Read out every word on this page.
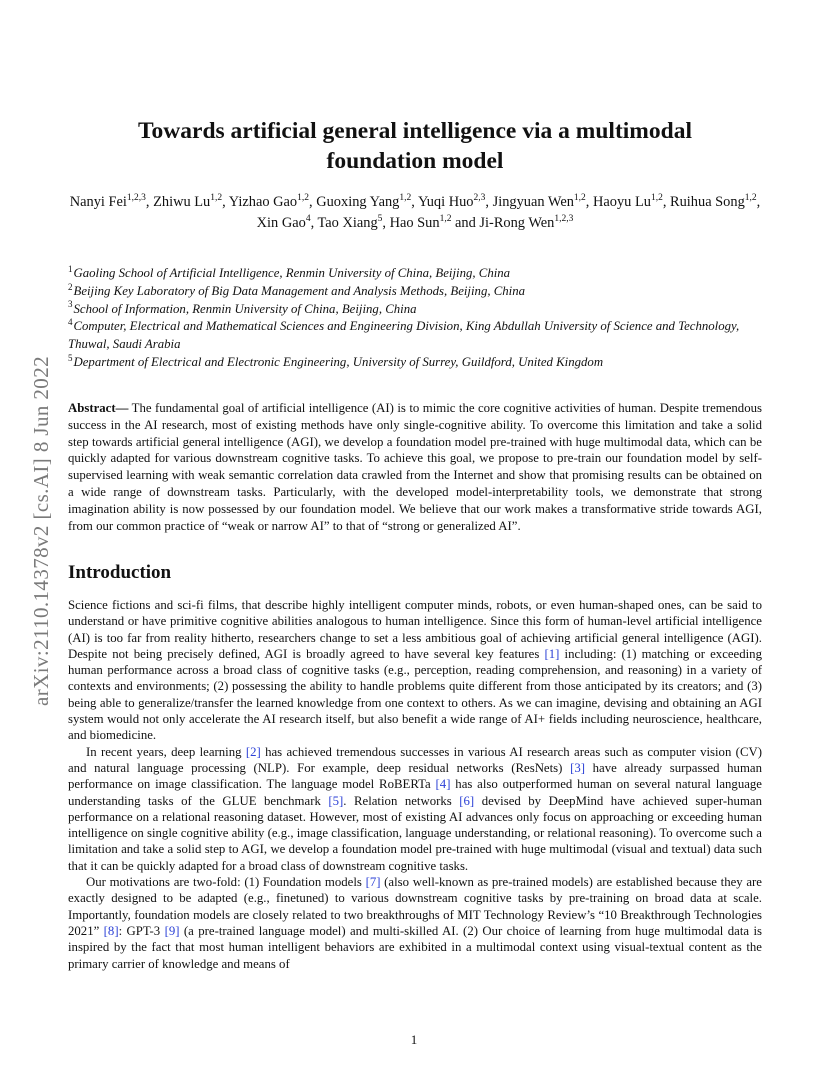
arXiv:2110.14378v2 [cs.AI] 8 Jun 2022
Towards artificial general intelligence via a multimodal
foundation model

Nanyi Fei$^{1,2,3}$, Zhiwu Lu$^{1,2}$, Yizhao Gao$^{1,2}$, Guoxing Yang$^{1,2}$, Yuqi Huo$^{2,3}$, Jingyuan Wen$^{1,2}$, Haoyu Lu$^{1,2}$, Ruihua Song$^{1,2}$, Xin Gao$^4$, Tao Xiang$^5$, Hao Sun$^{1,2}$ and Ji-Rong Wen$^{1,2,3}$

$^1$Gaoling School of Artificial Intelligence, Renmin University of China, Beijing, China

$^2$Beijing Key Laboratory of Big Data Management and Analysis Methods, Beijing, China

$^3$School of Information, Renmin University of China, Beijing, China

$^4$Computer, Electrical and Mathematical Sciences and Engineering Division, King Abdullah University of Science and Technology, Thuwal, Saudi Arabia

$^5$Department of Electrical and Electronic Engineering, University of Surrey, Guildford, United Kingdom

Abstract— The fundamental goal of artificial intelligence (AI) is to mimic the core cognitive activities of human. Despite tremendous success in the AI research, most of existing methods have only single-cognitive ability. To overcome this limitation and take a solid step towards artificial general intelligence (AGI), we develop a foundation model pre-trained with huge multimodal data, which can be quickly adapted for various downstream cognitive tasks. To achieve this goal, we propose to pre-train our foundation model by self-supervised learning with weak semantic correlation data crawled from the Internet and show that promising results can be obtained on a wide range of downstream tasks. Particularly, with the developed model-interpretability tools, we demonstrate that strong imagination ability is now possessed by our foundation model. We believe that our work makes a transformative stride towards AGI, from our common practice of “weak or narrow AI” to that of “strong or generalized AI”.

Introduction

Science fictions and sci-fi films, that describe highly intelligent computer minds, robots, or even human-shaped ones, can be said to understand or have primitive cognitive abilities analogous to human intelligence. Since this form of human-level artificial intelligence (AI) is too far from reality hitherto, researchers change to set a less ambitious goal of achieving artificial general intelligence (AGI). Despite not being precisely defined, AGI is broadly agreed to have several key features [1] including: (1) matching or exceeding human performance across a broad class of cognitive tasks (e.g., perception, reading comprehension, and reasoning) in a variety of contexts and environments; (2) possessing the ability to handle problems quite different from those anticipated by its creators; and (3) being able to generalize/transfer the learned knowledge from one context to others. As we can imagine, devising and obtaining an AGI system would not only accelerate the AI research itself, but also benefit a wide range of AI+ fields including neuroscience, healthcare, and biomedicine.

In recent years, deep learning [2] has achieved tremendous successes in various AI research areas such as computer vision (CV) and natural language processing (NLP). For example, deep residual networks (ResNets) [3] have already surpassed human performance on image classification. The language model RoBERTa [4] has also outperformed human on several natural language understanding tasks of the GLUE benchmark [5]. Relation networks [6] devised by DeepMind have achieved super-human performance on a relational reasoning dataset. However, most of existing AI advances only focus on approaching or exceeding human intelligence on single cognitive ability (e.g., image classification, language understanding, or relational reasoning). To overcome such a limitation and take a solid step to AGI, we develop a foundation model pre-trained with huge multimodal (visual and textual) data such that it can be quickly adapted for a broad class of downstream cognitive tasks.

Our motivations are two-fold: (1) Foundation models [7] (also well-known as pre-trained models) are established because they are exactly designed to be adapted (e.g., finetuned) to various downstream cognitive tasks by pre-training on broad data at scale. Importantly, foundation models are closely related to two breakthroughs of MIT Technology Review’s “10 Breakthrough Technologies 2021” [8]: GPT-3 [9] (a pre-trained language model) and multi-skilled AI. (2) Our choice of learning from huge multimodal data is inspired by the fact that most human intelligent behaviors are exhibited in a multimodal context using visual-textual content as the primary carrier of knowledge and means of

1
